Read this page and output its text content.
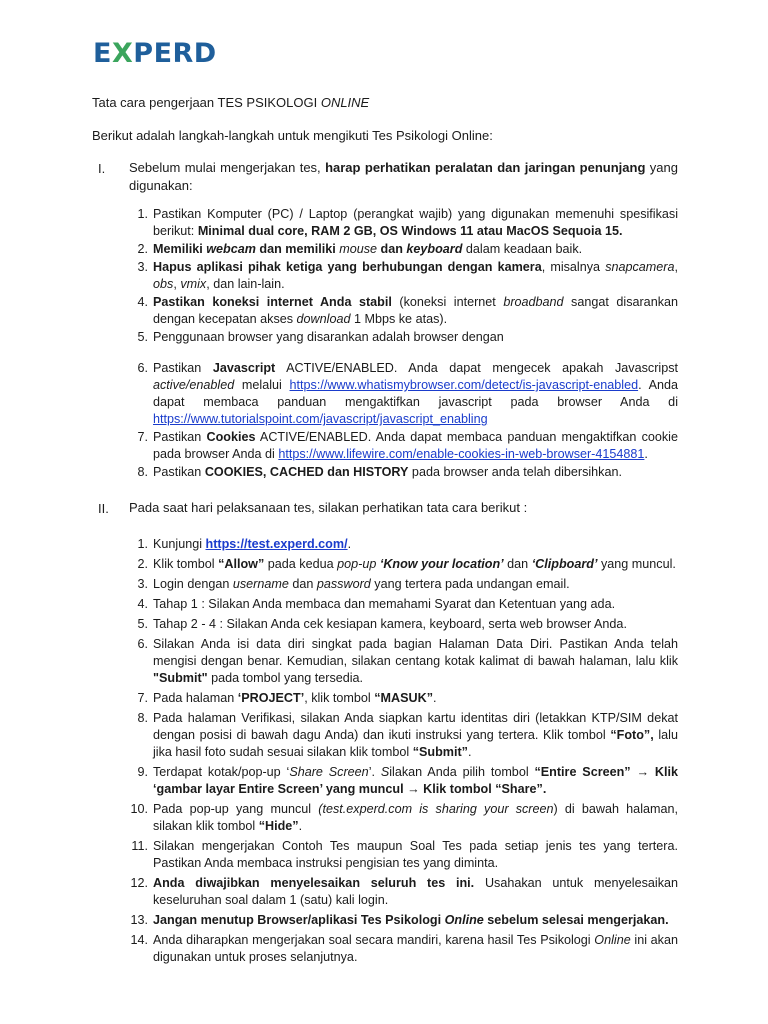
EXPERD
Tata cara pengerjaan TES PSIKOLOGI ONLINE
Berikut adalah langkah-langkah untuk mengikuti Tes Psikologi Online:
I. Sebelum mulai mengerjakan tes, harap perhatikan peralatan dan jaringan penunjang yang digunakan:

1. Pastikan Komputer (PC) / Laptop (perangkat wajib) yang digunakan memenuhi spesifikasi berikut: Minimal dual core, RAM 2 GB, OS Windows 11 atau MacOS Sequoia 15.

2. Memiliki webcam dan memiliki mouse dan keyboard dalam keadaan baik.

3. Hapus aplikasi pihak ketiga yang berhubungan dengan kamera, misalnya snapcamera, obs, vmix, dan lain-lain.

4. Pastikan koneksi internet Anda stabil (koneksi internet broadband sangat disarankan dengan kecepatan akses download 1 Mbps ke atas).

5. Penggunaan browser yang disarankan adalah browser dengan

6. Pastikan Javascript ACTIVE/ENABLED. Anda dapat mengecek apakah Javascripst active/enabled melalui https://www.whatismybrowser.com/detect/is-javascript-enabled. Anda dapat membaca panduan mengaktifkan javascript pada browser Anda di https://www.tutorialspoint.com/javascript/javascript_enabling

7. Pastikan Cookies ACTIVE/ENABLED. Anda dapat membaca panduan mengaktifkan cookie pada browser Anda di https://www.lifewire.com/enable-cookies-in-web-browser-4154881.

8. Pastikan COOKIES, CACHED dan HISTORY pada browser anda telah dibersihkan.

II. Pada saat hari pelaksanaan tes, silakan perhatikan tata cara berikut :

1. Kunjungi https://test.experd.com/.

2. Klik tombol “Allow” pada kedua pop-up ‘Know your location’ dan ‘Clipboard’ yang muncul.

3. Login dengan username dan password yang tertera pada undangan email.

4. Tahap 1 : Silakan Anda membaca dan memahami Syarat dan Ketentuan yang ada.

5. Tahap 2 - 4 : Silakan Anda cek kesiapan kamera, keyboard, serta web browser Anda.

6. Silakan Anda isi data diri singkat pada bagian Halaman Data Diri. Pastikan Anda telah mengisi dengan benar. Kemudian, silakan centang kotak kalimat di bawah halaman, lalu klik "Submit" pada tombol yang tersedia.

7. Pada halaman ‘PROJECT’, klik tombol “MASUK”.

8. Pada halaman Verifikasi, silakan Anda siapkan kartu identitas diri (letakkan KTP/SIM dekat dengan posisi di bawah dagu Anda) dan ikuti instruksi yang tertera. Klik tombol “Foto”, lalu jika hasil foto sudah sesuai silakan klik tombol “Submit”.

9. Terdapat kotak/pop-up ‘Share Screen’. Silakan Anda pilih tombol “Entire Screen” → Klik ‘gambar layar Entire Screen’ yang muncul → Klik tombol “Share”.

10. Pada pop-up yang muncul (test.experd.com is sharing your screen) di bawah halaman, silakan klik tombol “Hide”.

11. Silakan mengerjakan Contoh Tes maupun Soal Tes pada setiap jenis tes yang tertera. Pastikan Anda membaca instruksi pengisian tes yang diminta.

12. Anda diwajibkan menyelesaikan seluruh tes ini. Usahakan untuk menyelesaikan keseluruhan soal dalam 1 (satu) kali login.

13. Jangan menutup Browser/aplikasi Tes Psikologi Online sebelum selesai mengerjakan.

14. Anda diharapkan mengerjakan soal secara mandiri, karena hasil Tes Psikologi Online ini akan digunakan untuk proses selanjutnya.
